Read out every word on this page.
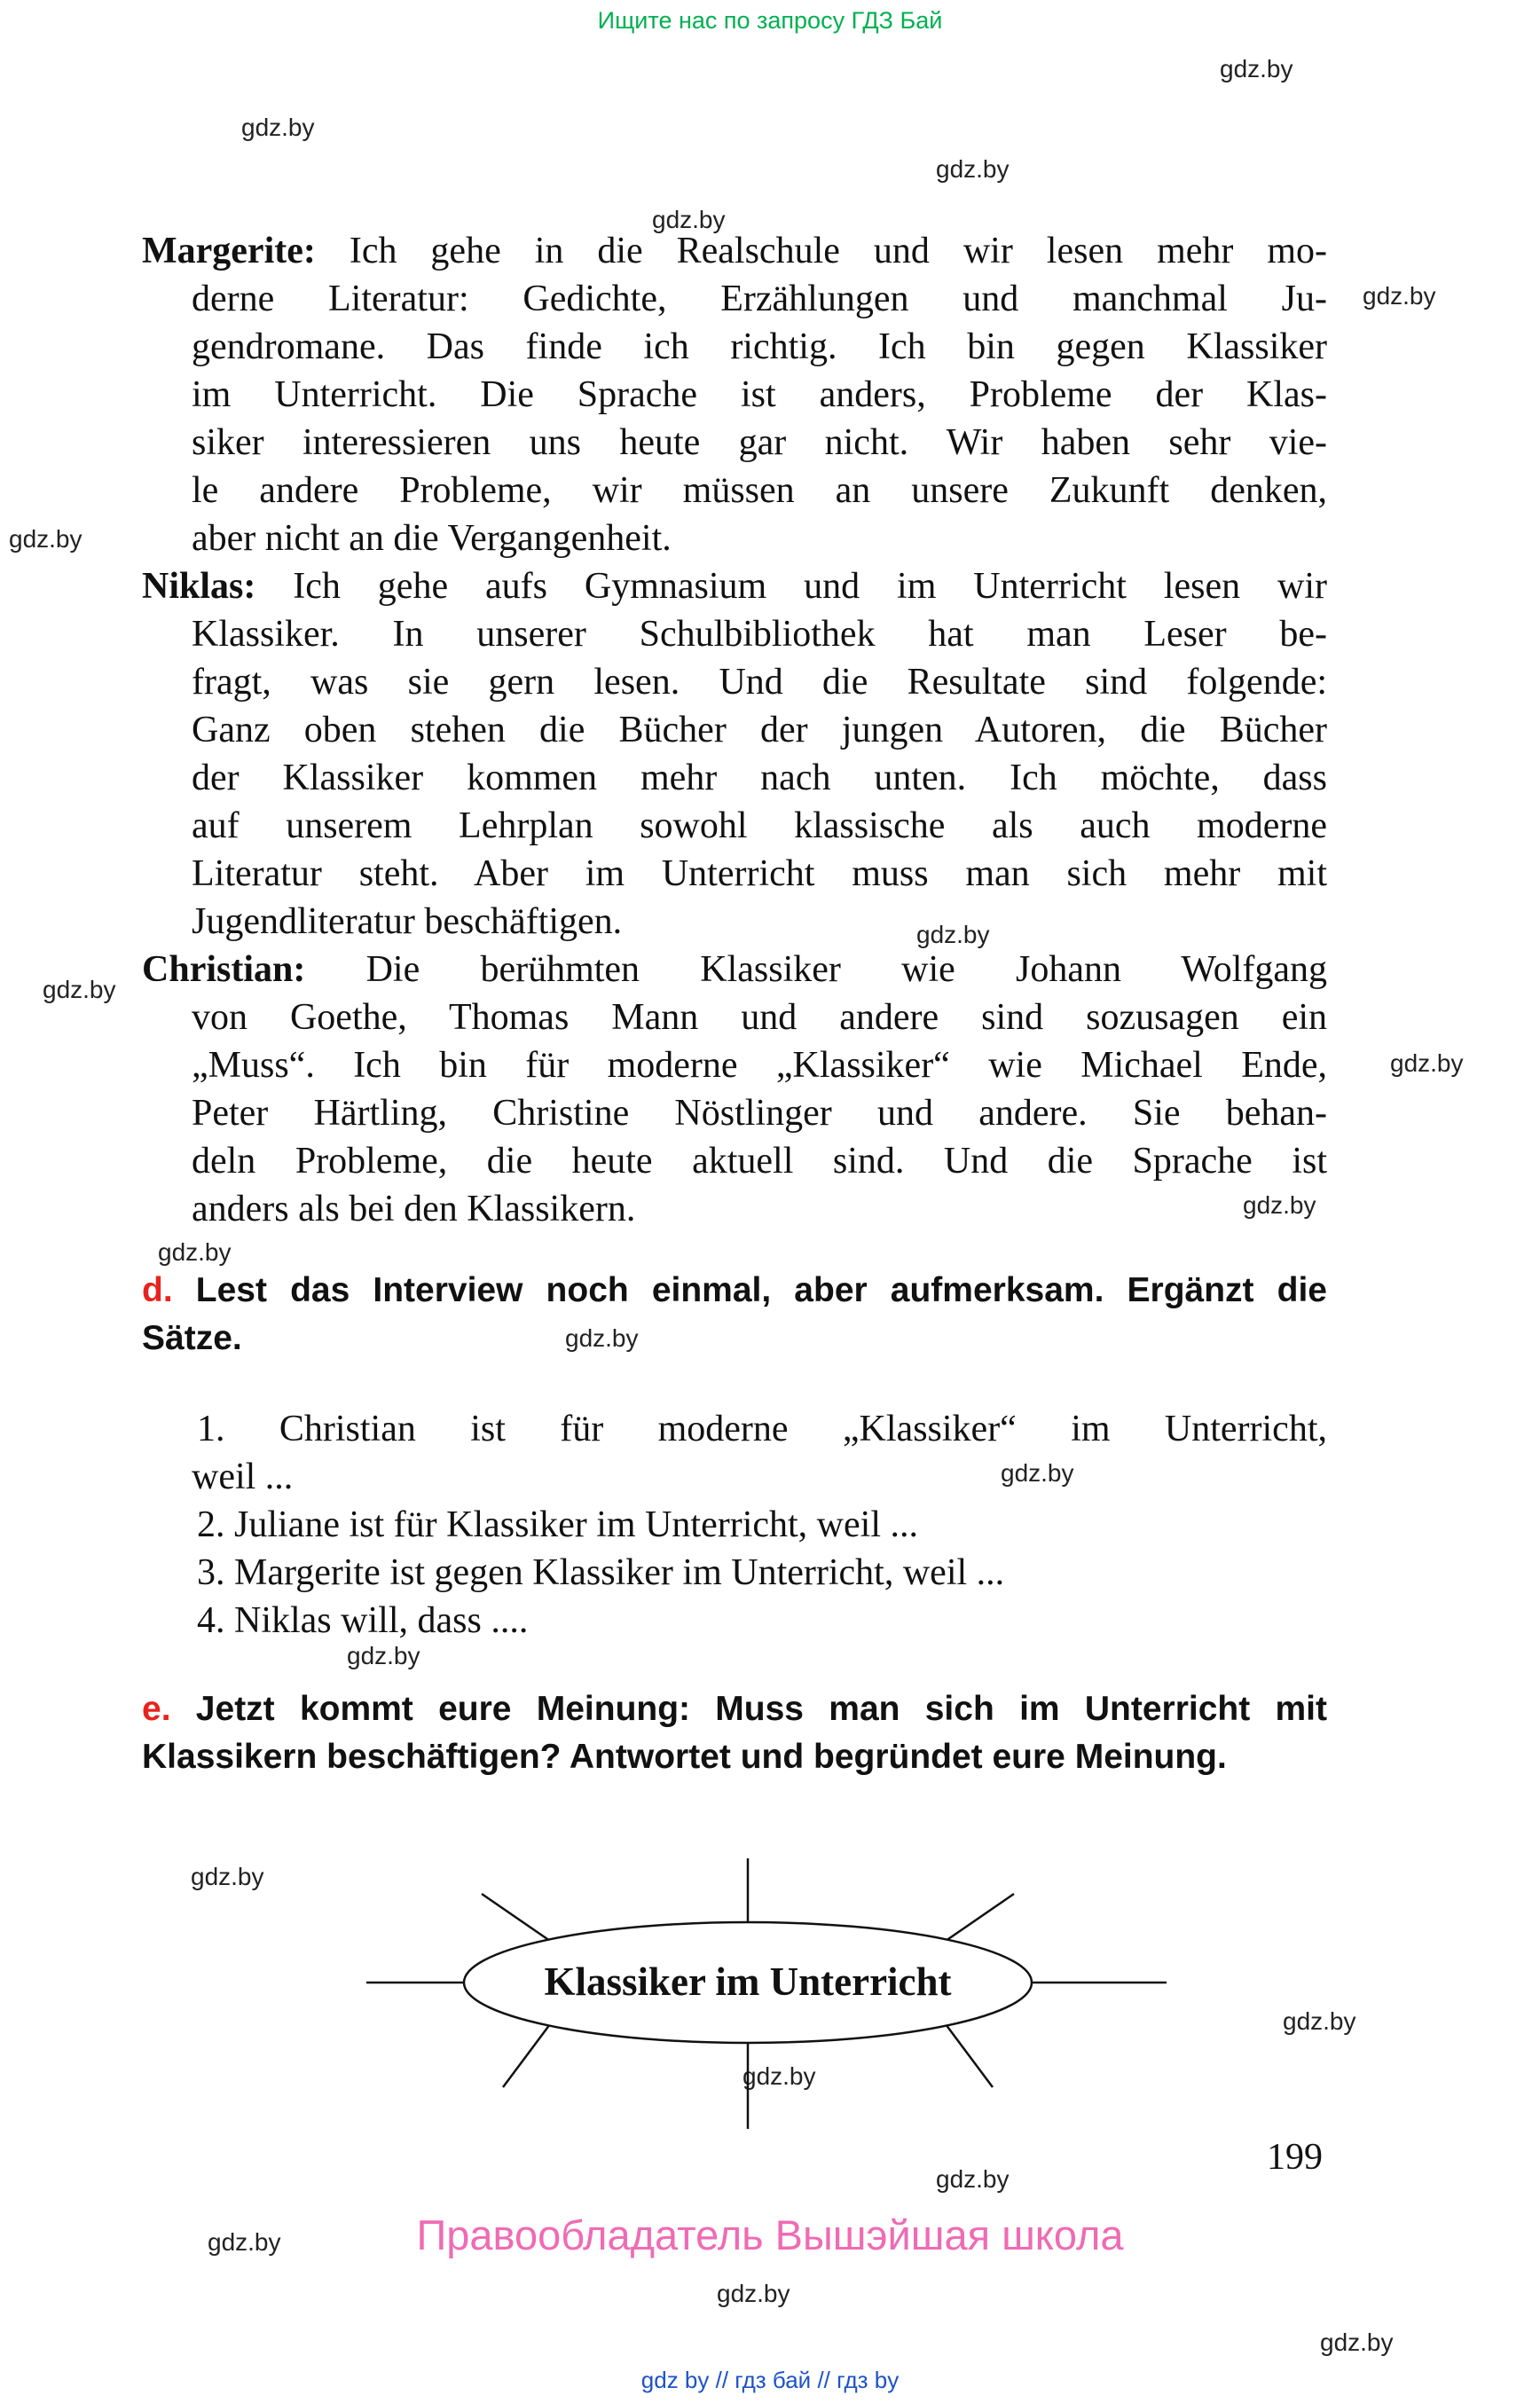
Ищите нас по запросу ГДЗ Бай
gdz.by
gdz.by
gdz.by
gdz.by
gdz.by
gdz.by
gdz.by
gdz.by
gdz.by
gdz.by
gdz.by
gdz.by
gdz.by
gdz.by
gdz.by
gdz.by
gdz.by
gdz.by
gdz.by
gdz.by
gdz.by
Margerite: Ich gehe in die Realschule und wir lesen mehr mo-
derne Literatur: Gedichte, Erzählungen und manchmal Ju-
gendromane. Das finde ich richtig. Ich bin gegen Klassiker
im Unterricht. Die Sprache ist anders, Probleme der Klas-
siker interessieren uns heute gar nicht. Wir haben sehr vie-
le andere Probleme, wir müssen an unsere Zukunft denken,
aber nicht an die Vergangenheit.
Niklas: Ich gehe aufs Gymnasium und im Unterricht lesen wir
Klassiker. In unserer Schulbibliothek hat man Leser be-
fragt, was sie gern lesen. Und die Resultate sind folgende:
Ganz oben stehen die Bücher der jungen Autoren, die Bücher
der Klassiker kommen mehr nach unten. Ich möchte, dass
auf unserem Lehrplan sowohl klassische als auch moderne
Literatur steht. Aber im Unterricht muss man sich mehr mit
Jugendliteratur beschäftigen.
Christian: Die berühmten Klassiker wie Johann Wolfgang
von Goethe, Thomas Mann und andere sind sozusagen ein
„Muss“. Ich bin für moderne „Klassiker“ wie Michael Ende,
Peter Härtling, Christine Nöstlinger und andere. Sie behan-
deln Probleme, die heute aktuell sind. Und die Sprache ist
anders als bei den Klassikern.
d. Lest das Interview noch einmal, aber aufmerksam. Ergänzt die
Sätze.
1. Christian ist für moderne „Klassiker“ im Unterricht,
weil ...
2. Juliane ist für Klassiker im Unterricht, weil ...
3. Margerite ist gegen Klassiker im Unterricht, weil ...
4. Niklas will, dass ....
e. Jetzt kommt eure Meinung: Muss man sich im Unterricht mit
Klassikern beschäftigen? Antwortet und begründet eure Meinung.
Klassiker im Unterricht
199
Правообладатель Вышэйшая школа
gdz by // гдз бай // гдз by
